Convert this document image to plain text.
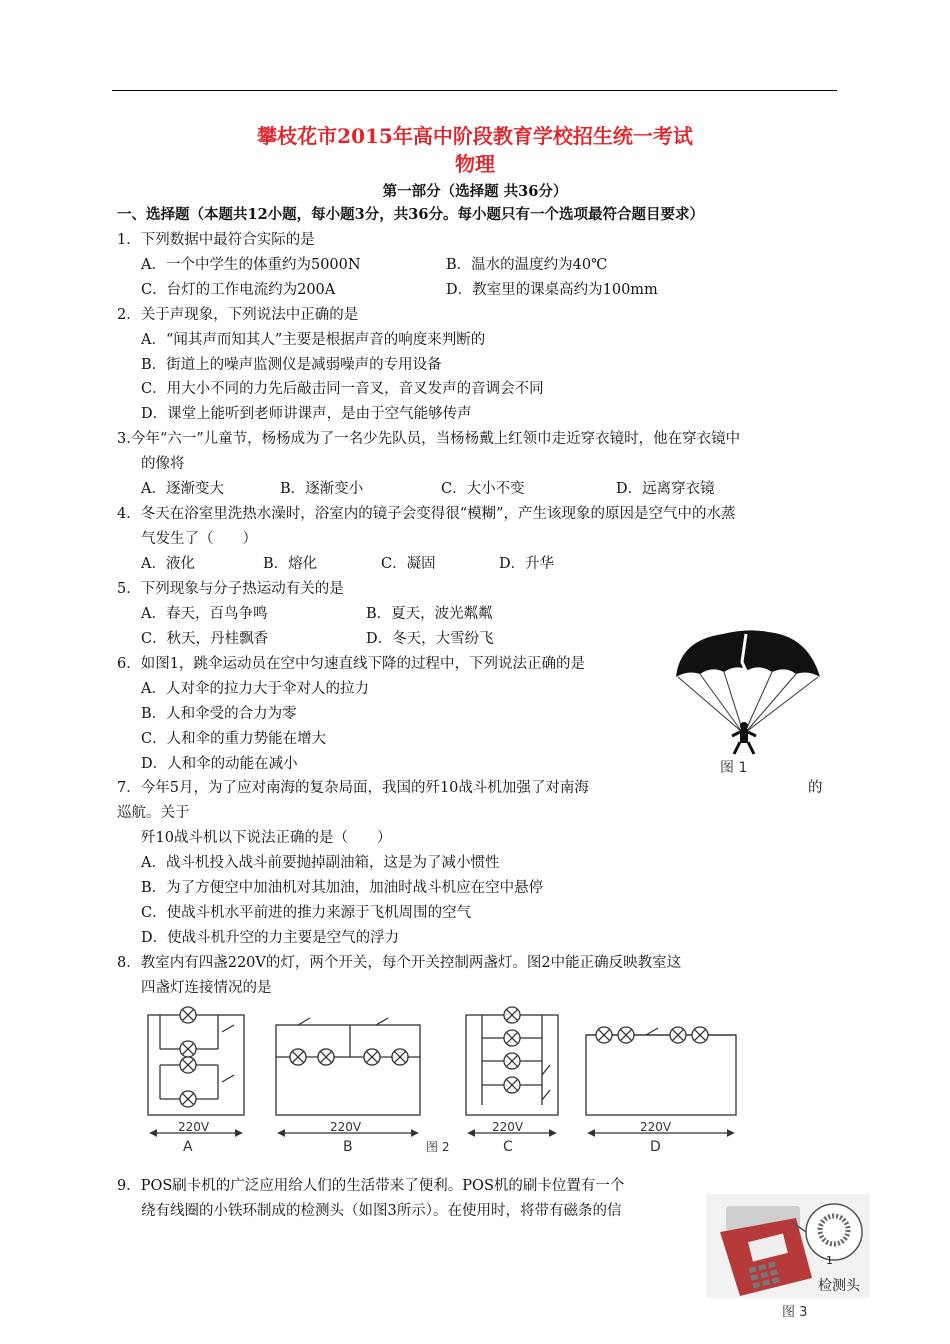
攀枝花市2015年高中阶段教育学校招生统一考试
物理
第一部分（选择题 共36分）
一、选择题（本题共12小题，每小题3分，共36分。每小题只有一个选项最符合题目要求）
1．下列数据中最符合实际的是
A．一个中学生的体重约为5000N	B．温水的温度约为40℃
C．台灯的工作电流约为200A	D．教室里的课桌高约为100mm
2．关于声现象，下列说法中正确的是
A．“闻其声而知其人”主要是根据声音的响度来判断的
B．街道上的噪声监测仪是减弱噪声的专用设备
C．用大小不同的力先后敲击同一音叉，音叉发声的音调会不同
D．课堂上能听到老师讲课声，是由于空气能够传声
3.今年“六一”儿童节，杨杨成为了一名少先队员，当杨杨戴上红领巾走近穿衣镜时，他在穿衣镜中
的像将
A．逐渐变大	B．逐渐变小	C．大小不变	D．远离穿衣镜
4．冬天在浴室里洗热水澡时，浴室内的镜子会变得很“模糊”，产生该现象的原因是空气中的水蒸
气发生了（　　）
A．液化	B．熔化	C．凝固	D．升华
5．下列现象与分子热运动有关的是
A．春天，百鸟争鸣	B．夏天，波光粼粼
C．秋天，丹桂飘香	D．冬天，大雪纷飞
6．如图1，跳伞运动员在空中匀速直线下降的过程中，下列说法正确的是
A．人对伞的拉力大于伞对人的拉力
B．人和伞受的合力为零
C．人和伞的重力势能在增大
D．人和伞的动能在减小	图 1
7．今年5月，为了应对南海的复杂局面，我国的歼10战斗机加强了对南海	的
巡航。关于
歼10战斗机以下说法正确的是（　　）
A．战斗机投入战斗前要抛掉副油箱，这是为了减小惯性
B．为了方便空中加油机对其加油，加油时战斗机应在空中悬停
C．使战斗机水平前进的推力来源于飞机周围的空气
D．使战斗机升空的力主要是空气的浮力
8．教室内有四盏220V的灯，两个开关，每个开关控制两盏灯。图2中能正确反映教室这
四盏灯连接情况的是
220V	220V	220V	220V
A	B	C	D
图 2
9．POS刷卡机的广泛应用给人们的生活带来了便利。POS机的刷卡位置有一个
绕有线圈的小铁环制成的检测头（如图3所示）。在使用时，将带有磁条的信
检测头
1
图 3
